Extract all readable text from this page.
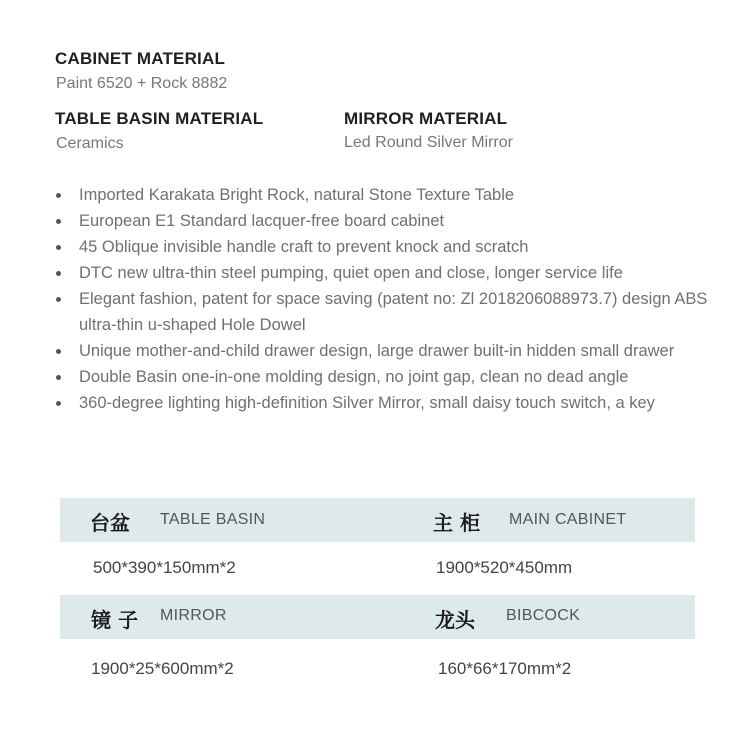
CABINET MATERIAL
Paint 6520 + Rock 8882
TABLE BASIN MATERIAL
Ceramics
MIRROR MATERIAL
Led Round Silver Mirror
Imported Karakata Bright Rock, natural Stone Texture Table
European E1 Standard lacquer-free board cabinet
45 Oblique invisible handle craft to prevent knock and scratch
DTC new ultra-thin steel pumping, quiet open and close, longer service life
Elegant fashion, patent for space saving (patent no: Zl 2018206088973.7) design ABS ultra-thin u-shaped Hole Dowel
Unique mother-and-child drawer design, large drawer built-in hidden small drawer
Double Basin one-in-one molding design, no joint gap, clean no dead angle
360-degree lighting high-definition Silver Mirror, small daisy touch switch, a key
台盆 TABLE BASIN	主 柜 MAIN CABINET
500*390*150mm*2	1900*520*450mm
镜 子 MIRROR	龙头 BIBCOCK
1900*25*600mm*2	160*66*170mm*2
